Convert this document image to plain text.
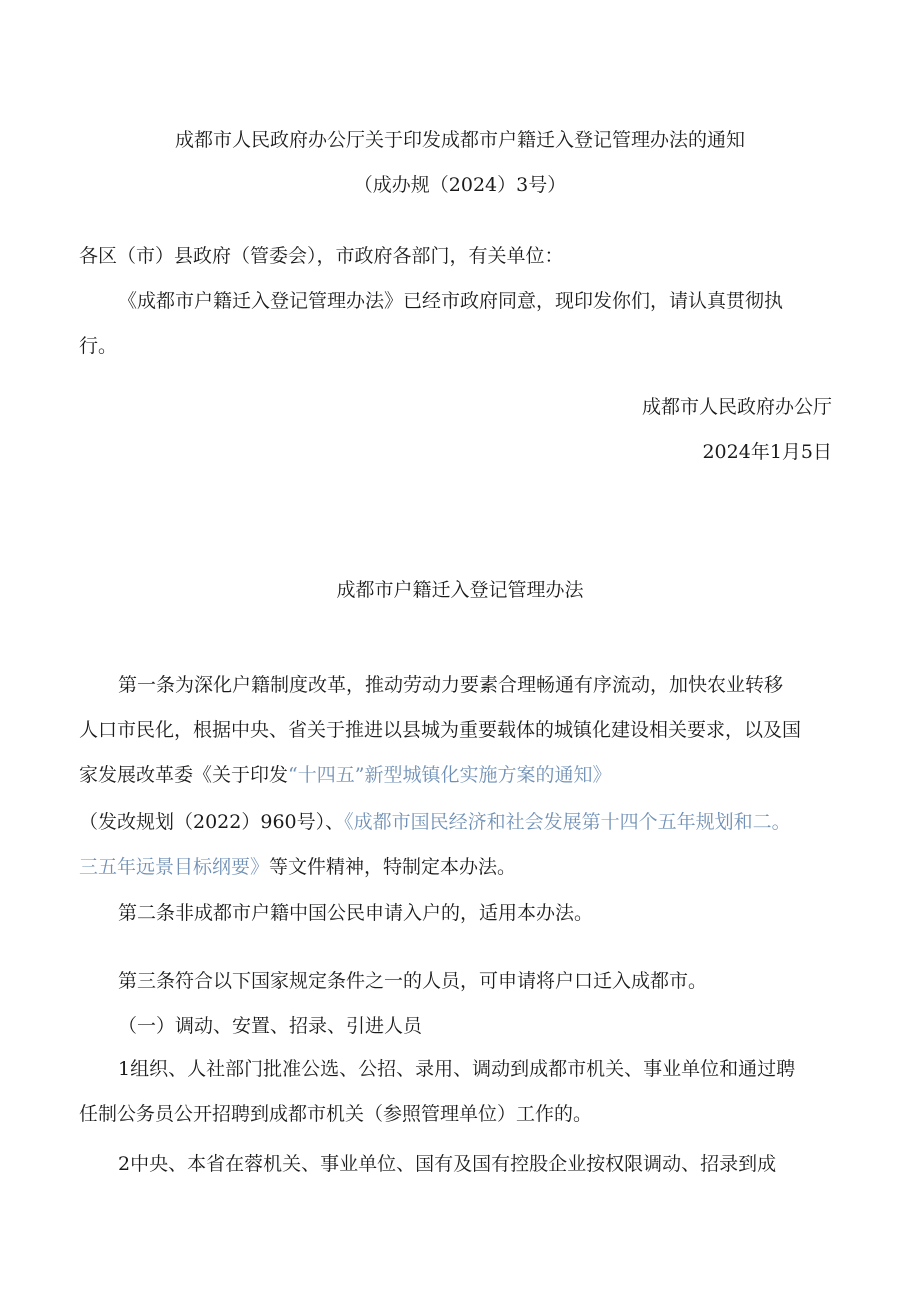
成都市人民政府办公厅关于印发成都市户籍迁入登记管理办法的通知
（成办规（2024）3号）
各区（市）县政府（管委会），市政府各部门，有关单位：
《成都市户籍迁入登记管理办法》已经市政府同意，现印发你们，请认真贯彻执
行。
成都市人民政府办公厅
2024年1月5日
成都市户籍迁入登记管理办法
第一条为深化户籍制度改革，推动劳动力要素合理畅通有序流动，加快农业转移
人口市民化，根据中央、省关于推进以县城为重要载体的城镇化建设相关要求，以及国
家发展改革委《关于印发“十四五”新型城镇化实施方案的通知》
（发改规划（2022）960号）、《成都市国民经济和社会发展第十四个五年规划和二。
三五年远景目标纲要》等文件精神，特制定本办法。
第二条非成都市户籍中国公民申请入户的，适用本办法。
第三条符合以下国家规定条件之一的人员，可申请将户口迁入成都市。
（一）调动、安置、招录、引进人员
1组织、人社部门批准公选、公招、录用、调动到成都市机关、事业单位和通过聘
任制公务员公开招聘到成都市机关（参照管理单位）工作的。
2中央、本省在蓉机关、事业单位、国有及国有控股企业按权限调动、招录到成
